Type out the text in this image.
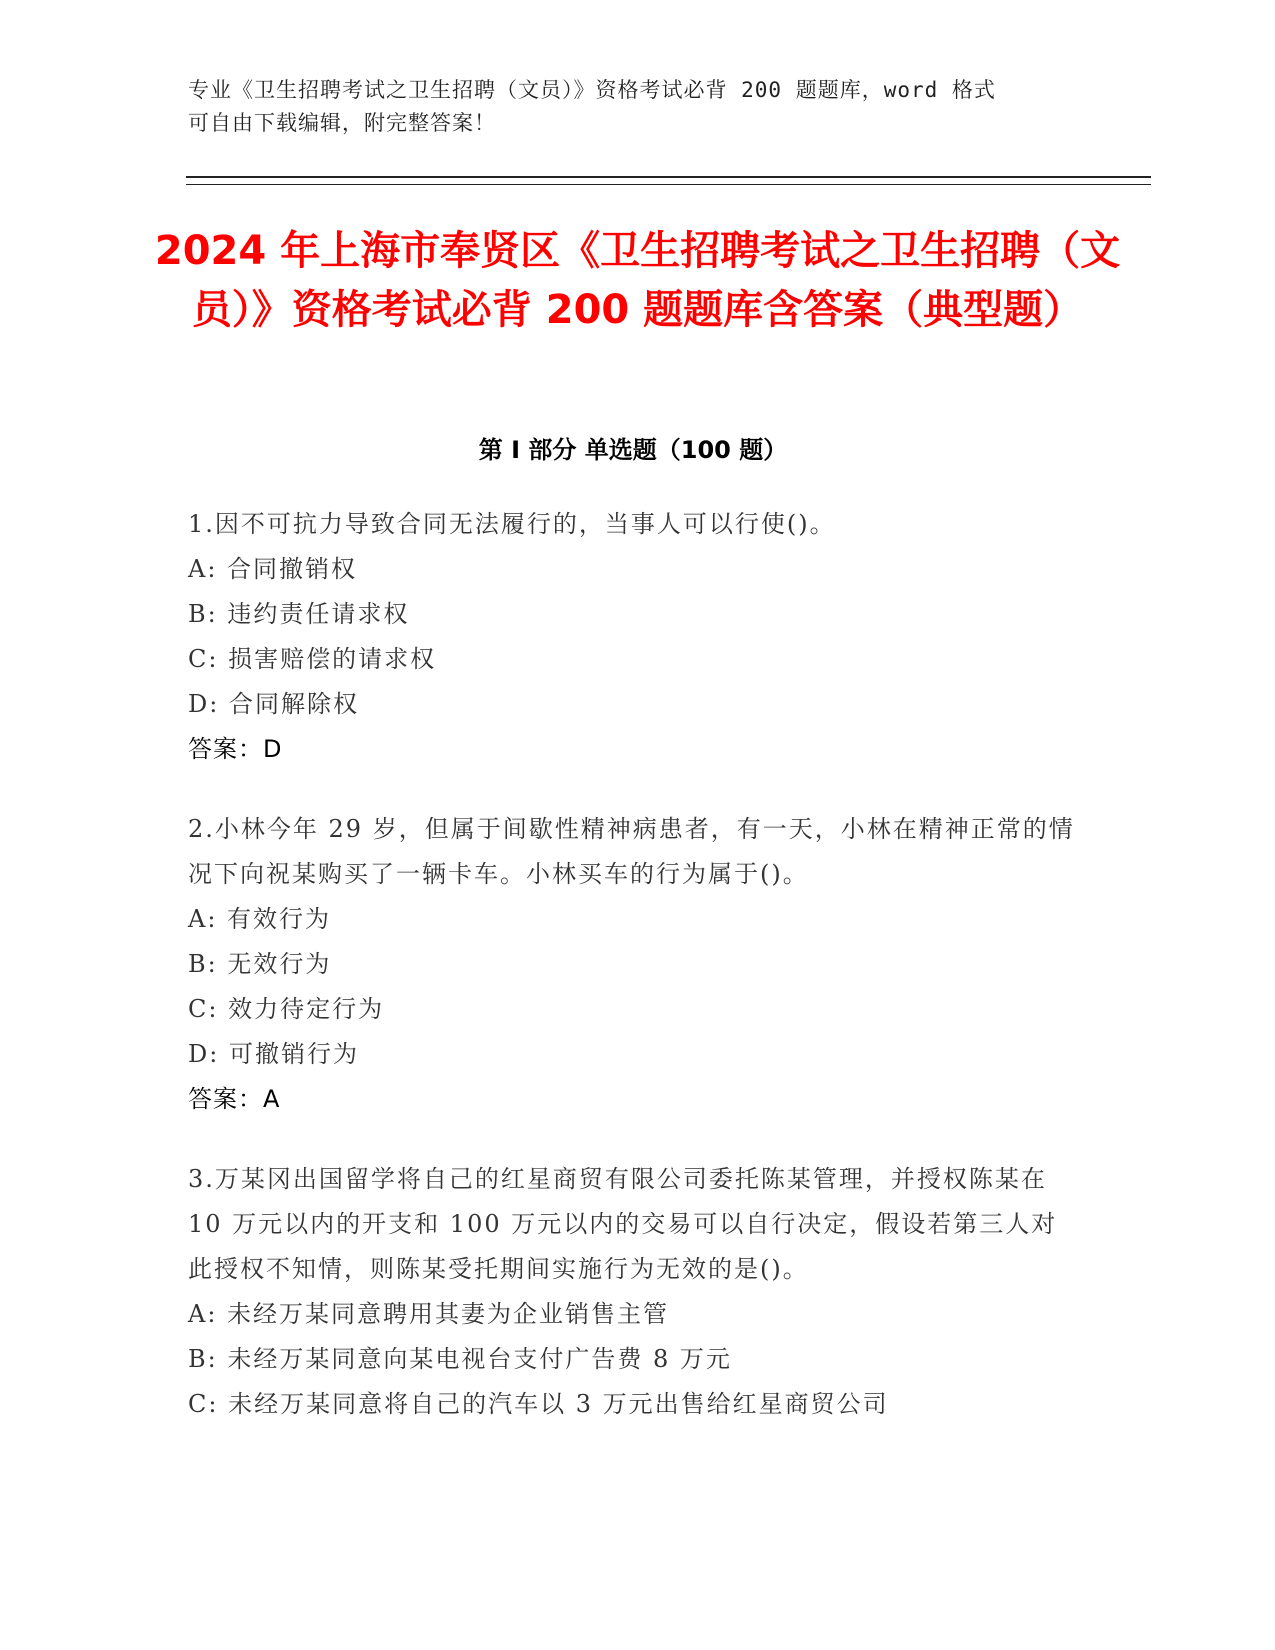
专业《卫生招聘考试之卫生招聘（文员）》资格考试必背 200 题题库，word 格式
可自由下载编辑，附完整答案！

2024 年上海市奉贤区《卫生招聘考试之卫生招聘（文员）》资格考试必背 200 题题库含答案（典型题）
第 I 部分 单选题（100 题）

1.因不可抗力导致合同无法履行的，当事人可以行使()。

A: 合同撤销权

B: 违约责任请求权

C: 损害赔偿的请求权

D: 合同解除权

答案：D

2.小林今年 29 岁，但属于间歇性精神病患者，有一天，小林在精神正常的情况下向祝某购买了一辆卡车。小林买车的行为属于()。

A: 有效行为

B: 无效行为

C: 效力待定行为

D: 可撤销行为

答案：A

3.万某冈出国留学将自己的红星商贸有限公司委托陈某管理，并授权陈某在 10 万元以内的开支和 100 万元以内的交易可以自行决定，假设若第三人对此授权不知情，则陈某受托期间实施行为无效的是()。

A: 未经万某同意聘用其妻为企业销售主管

B: 未经万某同意向某电视台支付广告费 8 万元

C: 未经万某同意将自己的汽车以 3 万元出售给红星商贸公司
